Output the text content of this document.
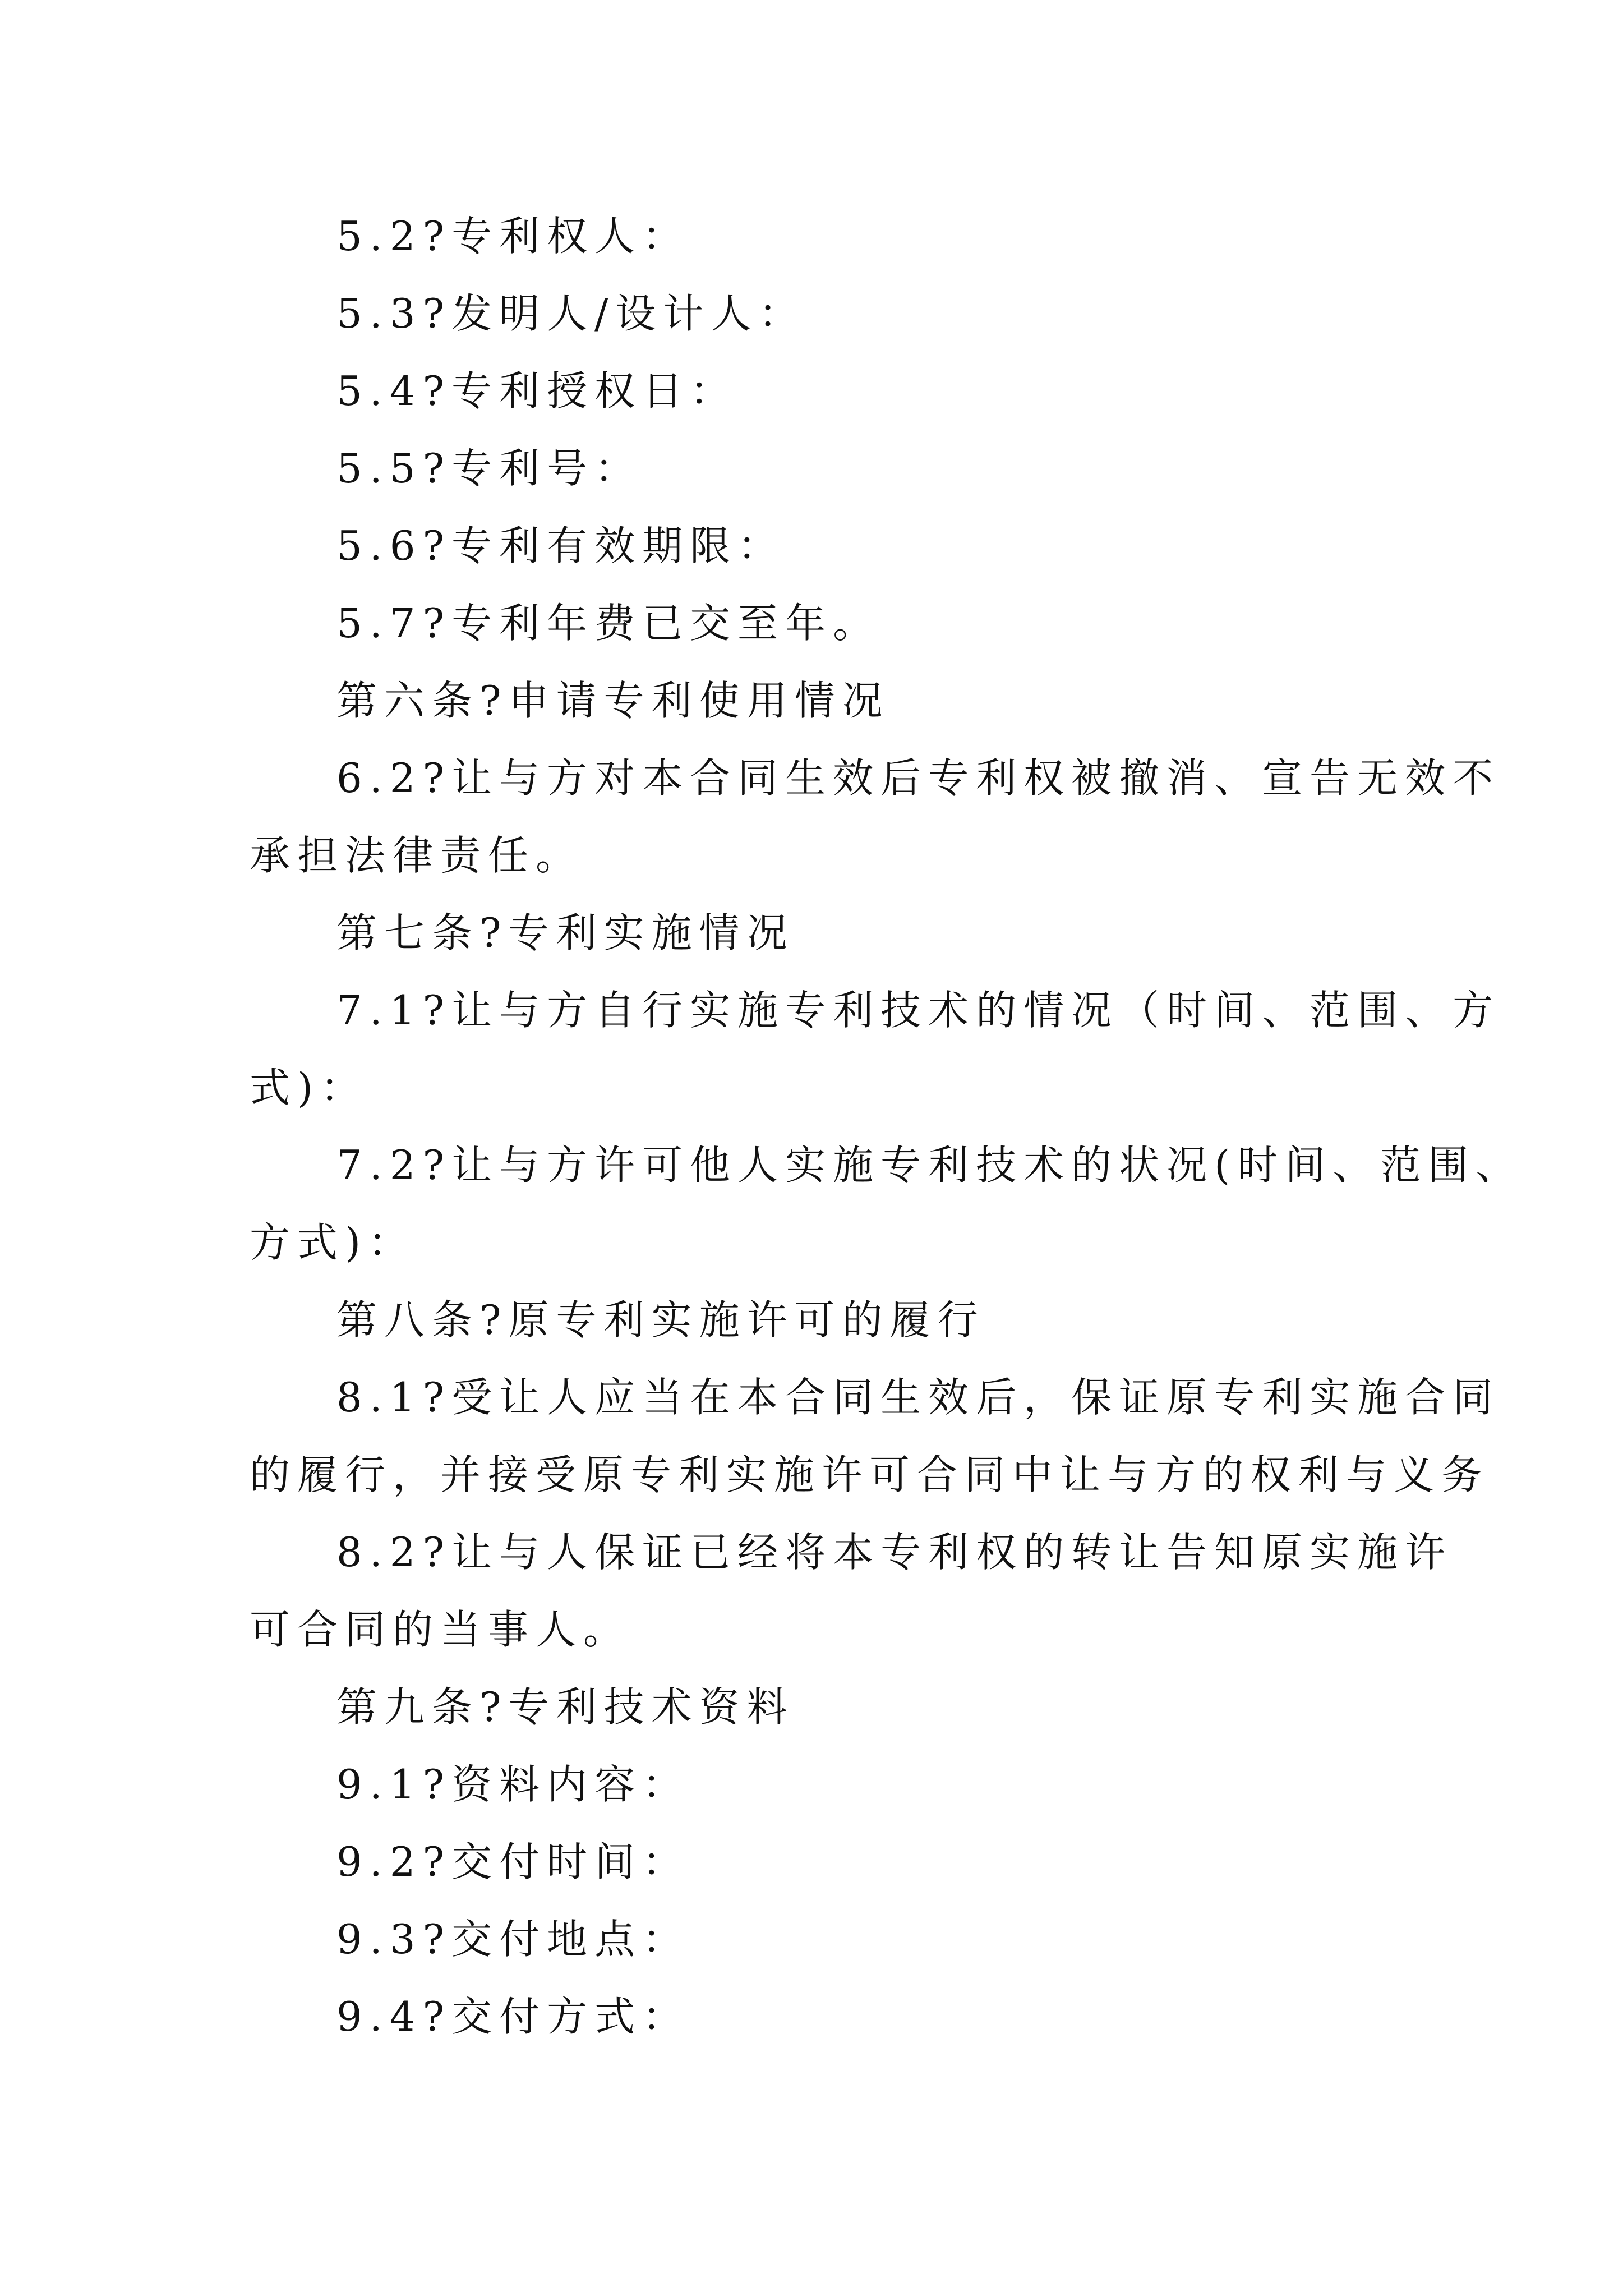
5.2?专利权人：
5.3?发明人/设计人：
5.4?专利授权日：
5.5?专利号：
5.6?专利有效期限：
5.7?专利年费已交至年。
第六条?申请专利使用情况
6.2?让与方对本合同生效后专利权被撤消、宣告无效不
承担法律责任。
第七条?专利实施情况
7.1?让与方自行实施专利技术的情况（时间、范围、方
式)：
7.2?让与方许可他人实施专利技术的状况(时间、范围、
方式)：
第八条?原专利实施许可的履行
8.1?受让人应当在本合同生效后，保证原专利实施合同
的履行，并接受原专利实施许可合同中让与方的权利与义务
8.2?让与人保证已经将本专利权的转让告知原实施许
可合同的当事人。
第九条?专利技术资料
9.1?资料内容：
9.2?交付时间：
9.3?交付地点：
9.4?交付方式：
